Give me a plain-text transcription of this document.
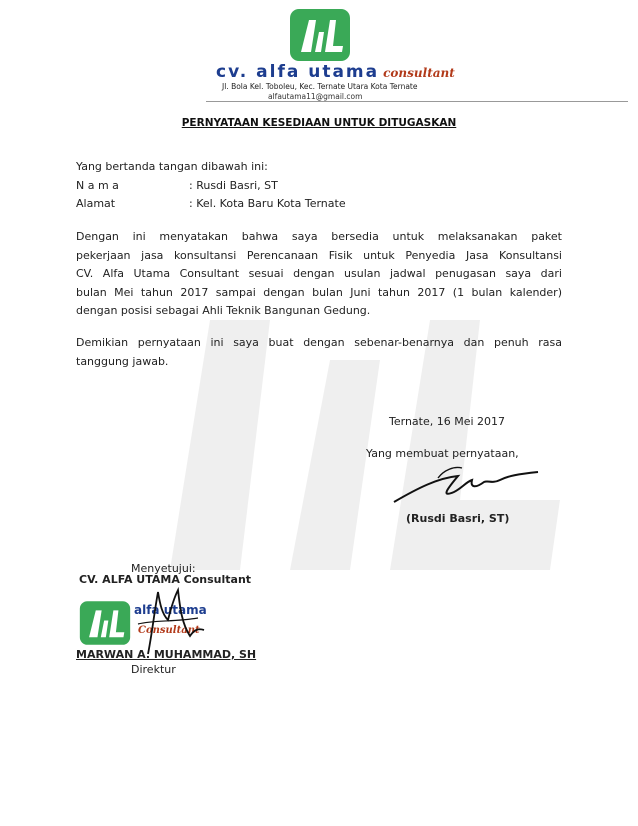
cv. alfa utama consultant
Jl. Bola Kel. Toboleu, Kec. Ternate Utara Kota Ternate
alfautama11@gmail.com
PERNYATAAN KESEDIAAN UNTUK DITUGASKAN
Yang bertanda tangan dibawah ini:
N a m a	: Rusdi Basri, ST
Alamat	: Kel. Kota Baru Kota Ternate
Dengan ini menyatakan bahwa saya bersedia untuk melaksanakan paket
pekerjaan jasa konsultansi Perencanaan Fisik untuk Penyedia Jasa Konsultansi
CV. Alfa Utama Consultant sesuai dengan usulan jadwal penugasan saya dari
bulan Mei tahun 2017 sampai dengan bulan Juni tahun 2017 (1 bulan kalender)
dengan posisi sebagai Ahli Teknik Bangunan Gedung.
Demikian pernyataan ini saya buat dengan sebenar-benarnya dan penuh rasa
tanggung jawab.
Ternate, 16 Mei 2017
Yang membuat pernyataan,
(Rusdi Basri, ST)
Menyetujui:
CV. ALFA UTAMA Consultant
alfa utama
Consultant
MARWAN A. MUHAMMAD, SH
Direktur
